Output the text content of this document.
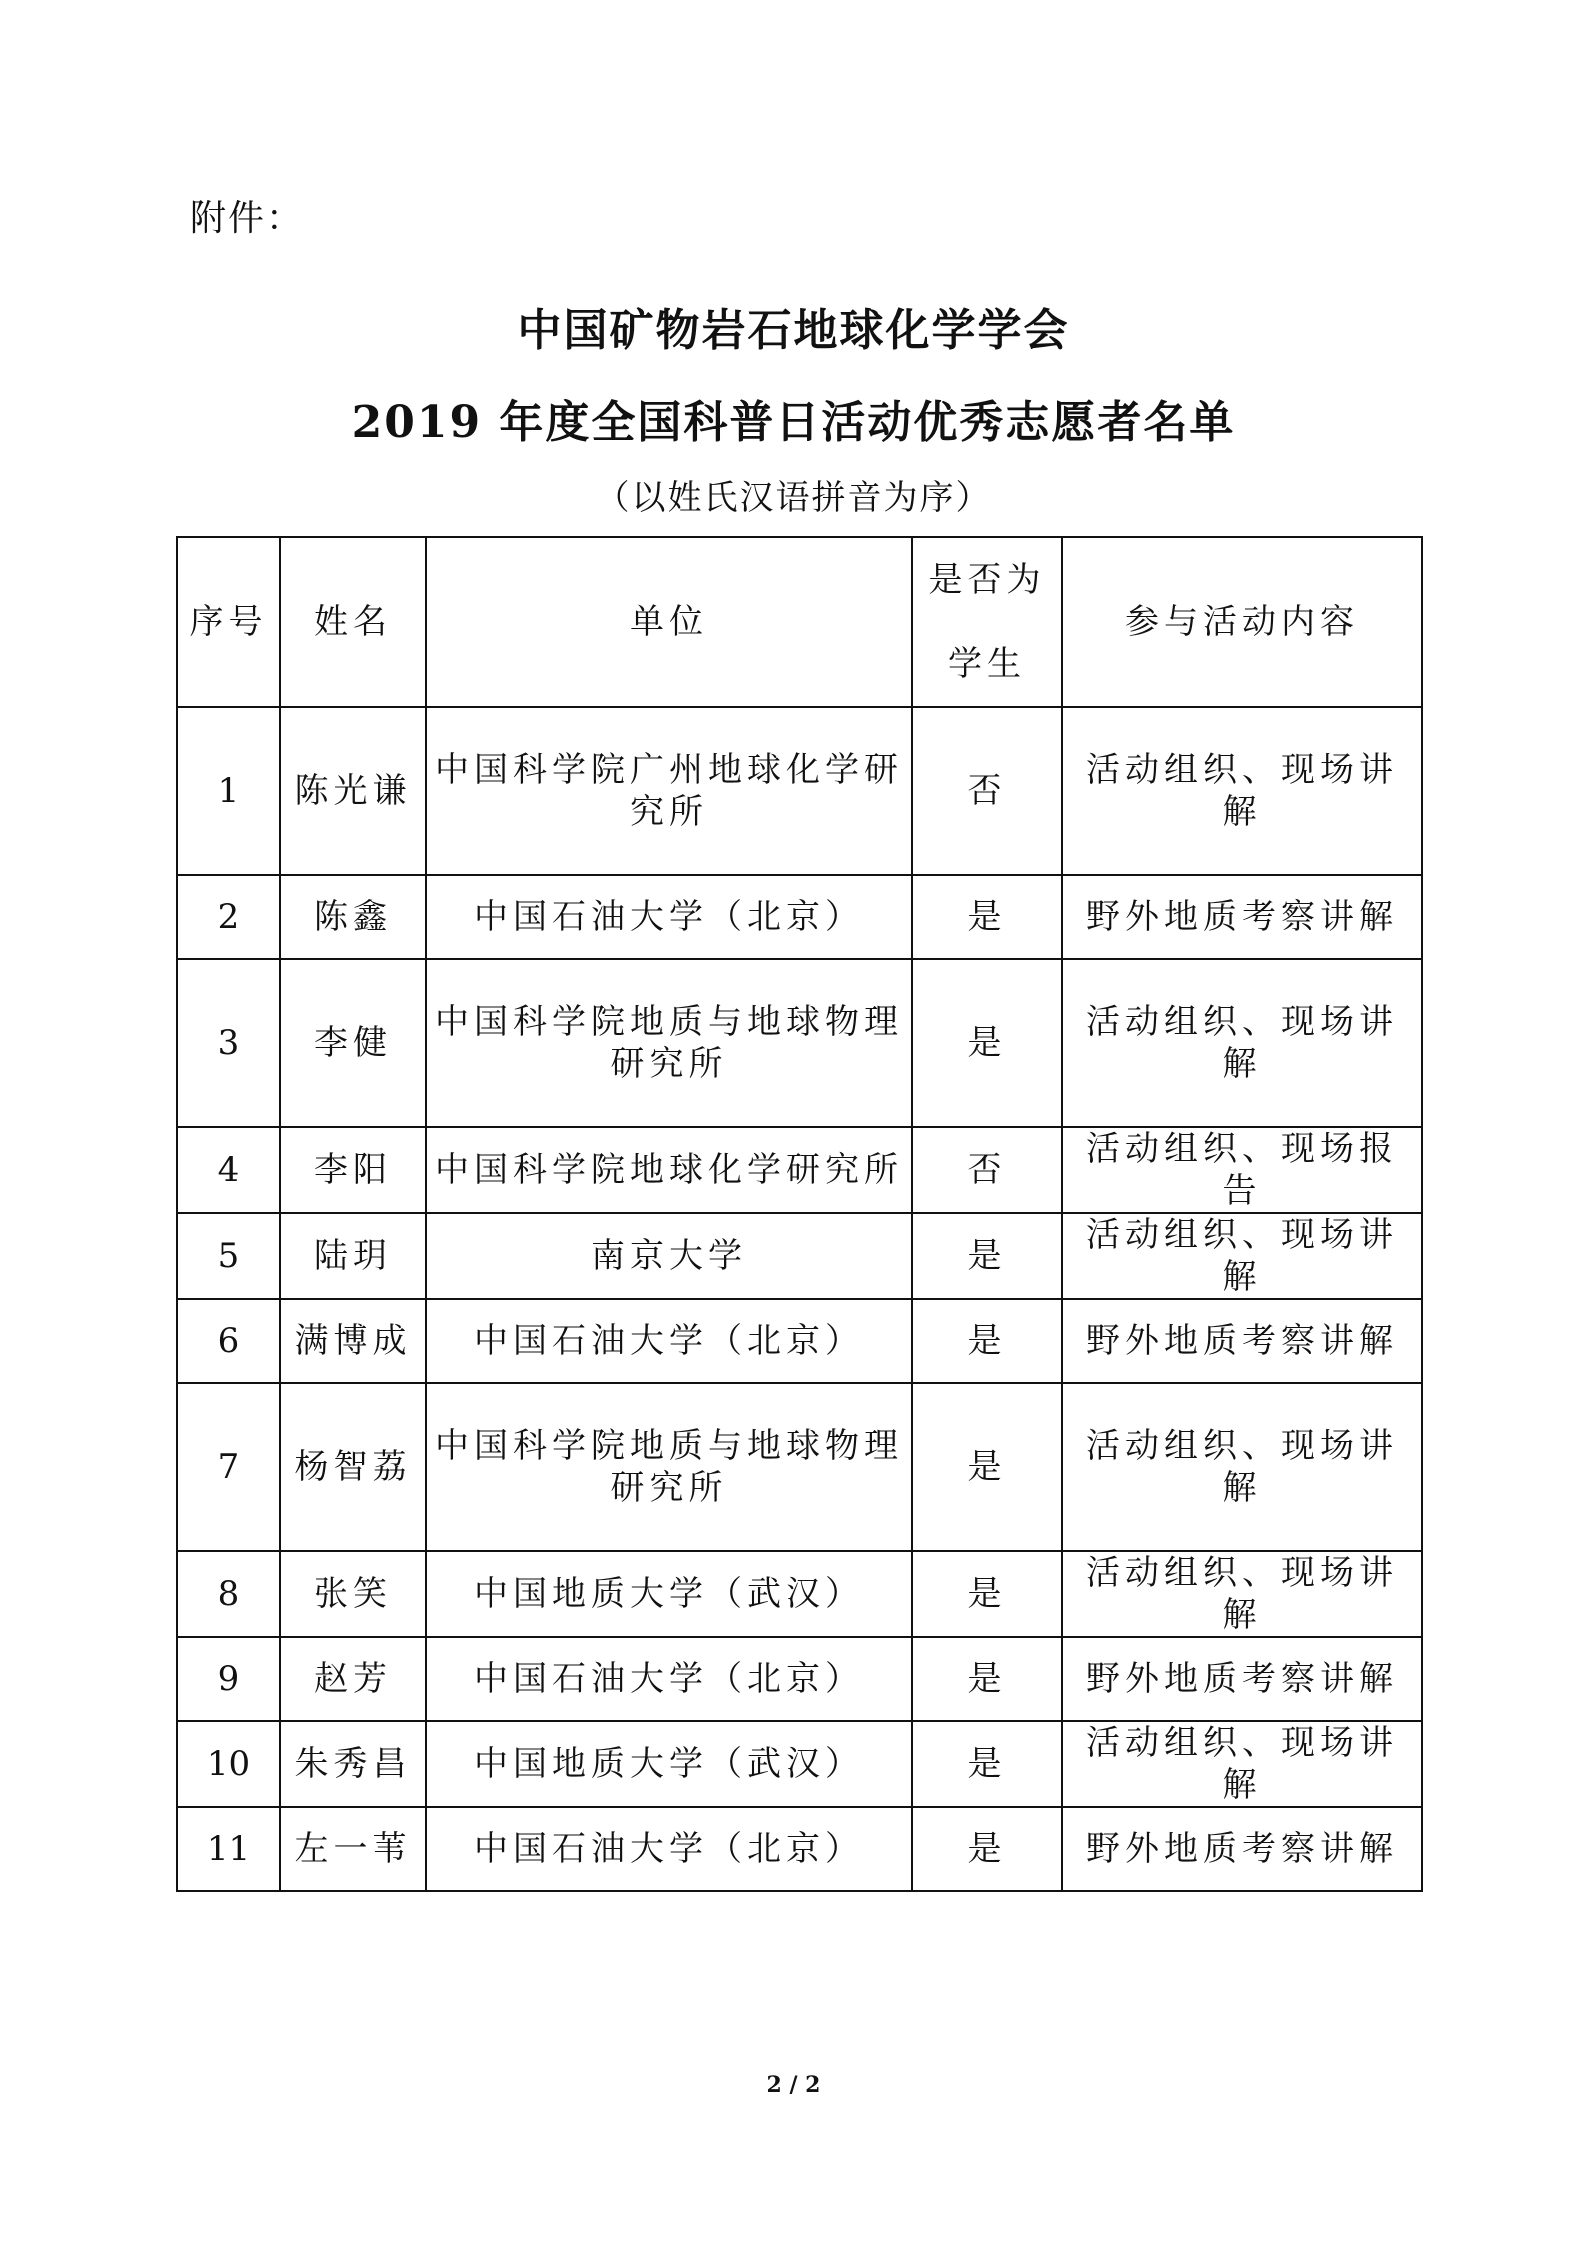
附件：
中国矿物岩石地球化学学会
2019 年度全国科普日活动优秀志愿者名单
（以姓氏汉语拼音为序）
序号	姓名	单位	是否为学生	参与活动内容
1	陈光谦	中国科学院广州地球化学研究所	否	活动组织、现场讲解
2	陈鑫	中国石油大学（北京）	是	野外地质考察讲解
3	李健	中国科学院地质与地球物理研究所	是	活动组织、现场讲解
4	李阳	中国科学院地球化学研究所	否	活动组织、现场报告
5	陆玥	南京大学	是	活动组织、现场讲解
6	满博成	中国石油大学（北京）	是	野外地质考察讲解
7	杨智荔	中国科学院地质与地球物理研究所	是	活动组织、现场讲解
8	张笑	中国地质大学（武汉）	是	活动组织、现场讲解
9	赵芳	中国石油大学（北京）	是	野外地质考察讲解
10	朱秀昌	中国地质大学（武汉）	是	活动组织、现场讲解
11	左一苇	中国石油大学（北京）	是	野外地质考察讲解
2 / 2
